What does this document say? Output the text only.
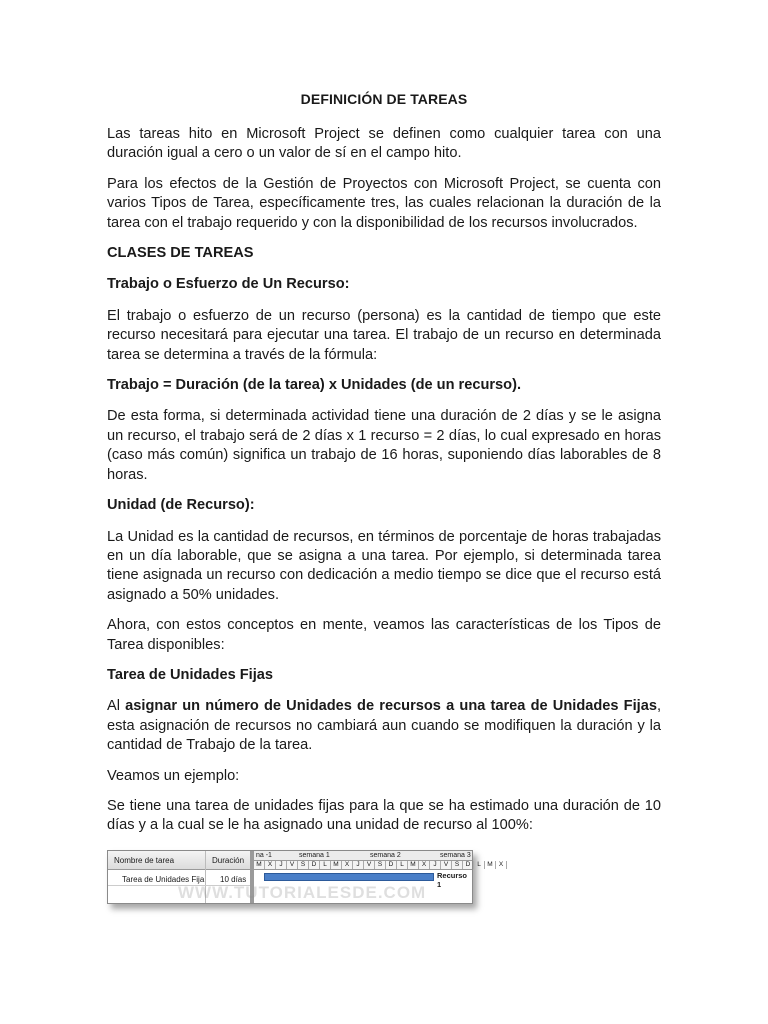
DEFINICIÓN DE TAREAS

Las tareas hito en Microsoft Project se definen como cualquier tarea con una duración igual a cero o un valor de sí en el campo hito.

Para los efectos de la Gestión de Proyectos con Microsoft Project, se cuenta con varios Tipos de Tarea, específicamente tres, las cuales relacionan la duración de la tarea con el trabajo requerido y con la disponibilidad de los recursos involucrados.

CLASES DE TAREAS

Trabajo o Esfuerzo de Un Recurso:

El trabajo o esfuerzo de un recurso (persona) es la cantidad de tiempo que este recurso necesitará para ejecutar una tarea. El trabajo de un recurso en determinada tarea se determina a través de la fórmula:

Trabajo = Duración (de la tarea) x Unidades (de un recurso).

De esta forma, si determinada actividad tiene una duración de 2 días y se le asigna un recurso, el trabajo será de 2 días x 1 recurso = 2 días, lo cual expresado en horas (caso más común) significa un trabajo de 16 horas, suponiendo días laborables de 8 horas.

Unidad (de Recurso):

La Unidad es la cantidad de recursos, en términos de porcentaje de horas trabajadas en un día laborable, que se asigna a una tarea. Por ejemplo, si determinada tarea tiene asignada un recurso con dedicación a medio tiempo se dice que el recurso está asignado a 50% unidades.

Ahora, con estos conceptos en mente, veamos las características de los Tipos de Tarea disponibles:

Tarea de Unidades Fijas

Al asignar un número de Unidades de recursos a una tarea de Unidades Fijas, esta asignación de recursos no cambiará aun cuando se modifiquen la duración y la cantidad de Trabajo de la tarea.

Veamos un ejemplo:

Se tiene una tarea de unidades fijas para la que se ha estimado una duración de 10 días y a la cual se le ha asignado una unidad de recurso al 100%:

Nombre de tarea	Duración
Tarea de Unidades Fija 10 días
na -1	semana 1	semana 2	semana 3
M X	J	V	S D	L M X	J	V	S D	L M X	J	V	S D	L M X
Recurso 1
WWW.TUTORIALESDE.COM
